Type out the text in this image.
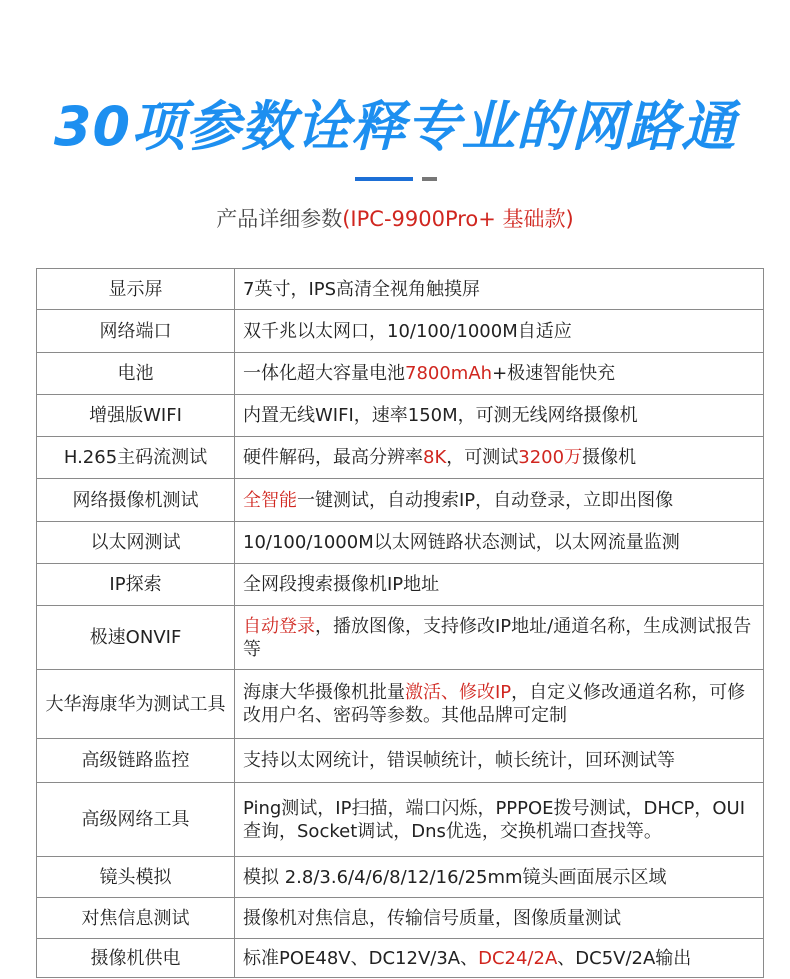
30项参数诠释专业的网路通
产品详细参数(IPC-9900Pro+ 基础款)
显示屏	7英寸，IPS高清全视角触摸屏
网络端口	双千兆以太网口，10/100/1000M自适应
电池	一体化超大容量电池7800mAh+极速智能快充
增强版WIFI	内置无线WIFI，速率150M，可测无线网络摄像机
H.265主码流测试	硬件解码，最高分辨率8K，可测试3200万摄像机
网络摄像机测试	全智能一键测试，自动搜索IP，自动登录，立即出图像
以太网测试	10/100/1000M以太网链路状态测试，以太网流量监测
IP探索	全网段搜索摄像机IP地址
极速ONVIF	自动登录，播放图像，支持修改IP地址/通道名称，生成测试报告等
大华海康华为测试工具	海康大华摄像机批量激活、修改IP，自定义修改通道名称，可修改用户名、密码等参数。其他品牌可定制
高级链路监控	支持以太网统计，错误帧统计，帧长统计，回环测试等
高级网络工具	Ping测试，IP扫描，端口闪烁，PPPOE拨号测试，DHCP，OUI查询，Socket调试，Dns优选，交换机端口查找等。
镜头模拟	模拟 2.8/3.6/4/6/8/12/16/25mm镜头画面展示区域
对焦信息测试	摄像机对焦信息，传输信号质量，图像质量测试
摄像机供电	标准POE48V、DC12V/3A、DC24/2A、DC5V/2A输出
